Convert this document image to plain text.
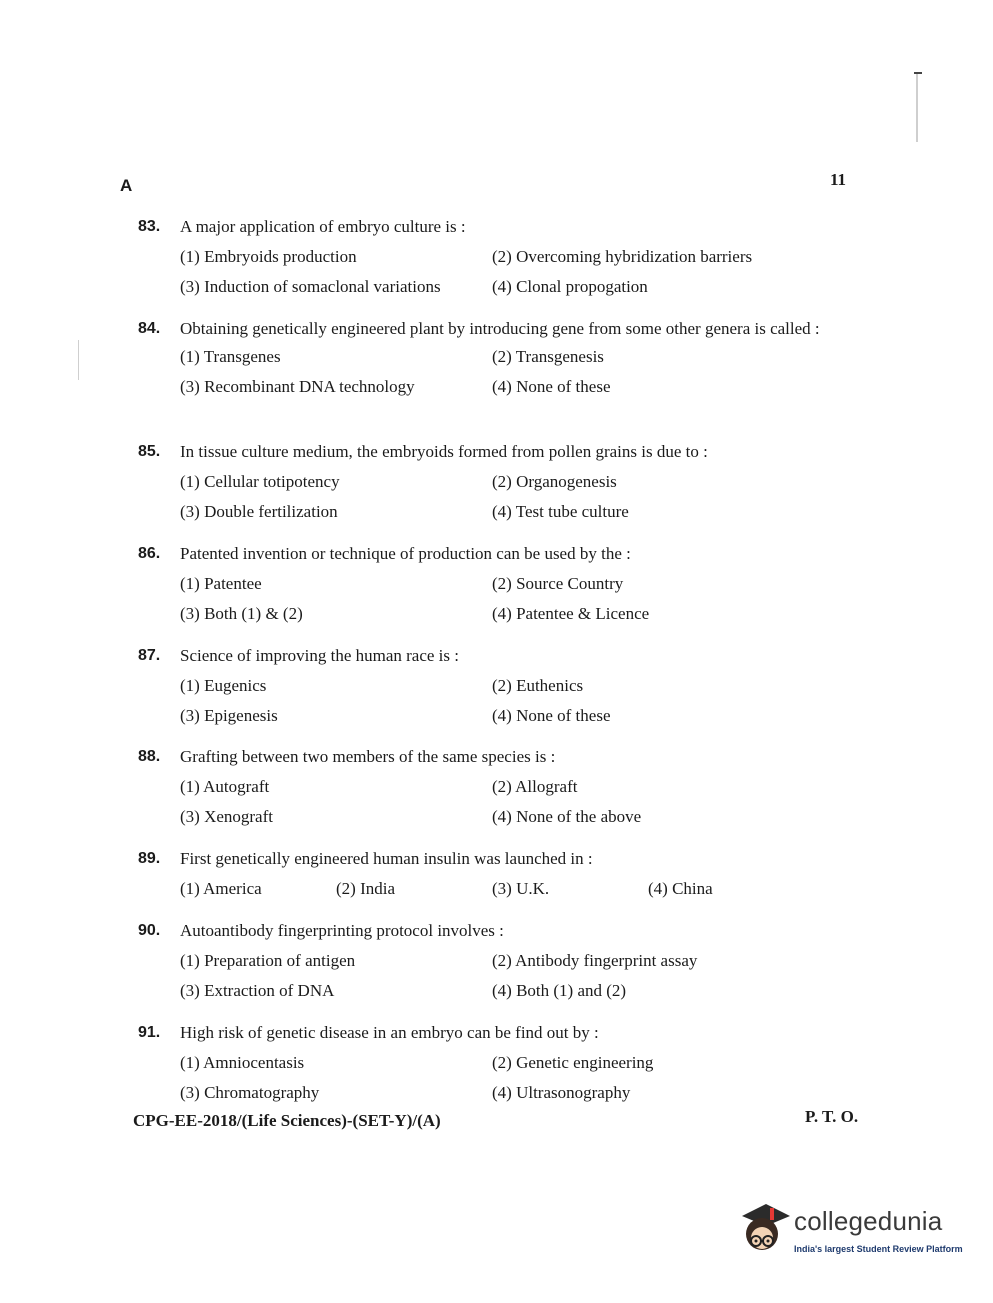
A	11
83. A major application of embryo culture is :
(1) Embryoids production	(2) Overcoming hybridization barriers
(3) Induction of somaclonal variations	(4) Clonal propogation
84. Obtaining genetically engineered plant by introducing gene from some other genera is called :
(1) Transgenes	(2) Transgenesis
(3) Recombinant DNA technology	(4) None of these
85. In tissue culture medium, the embryoids formed from pollen grains is due to :
(1) Cellular totipotency	(2) Organogenesis
(3) Double fertilization	(4) Test tube culture
86. Patented invention or technique of production can be used by the :
(1) Patentee	(2) Source Country
(3) Both (1) & (2)	(4) Patentee & Licence
87. Science of improving the human race is :
(1) Eugenics	(2) Euthenics
(3) Epigenesis	(4) None of these
88. Grafting between two members of the same species is :
(1) Autograft	(2) Allograft
(3) Xenograft	(4) None of the above
89. First genetically engineered human insulin was launched in :
(1) America	(2) India	(3) U.K.	(4) China
90. Autoantibody fingerprinting protocol involves :
(1) Preparation of antigen	(2) Antibody fingerprint assay
(3) Extraction of DNA	(4) Both (1) and (2)
91. High risk of genetic disease in an embryo can be find out by :
(1) Amniocentasis	(2) Genetic engineering
(3) Chromatography	(4) Ultrasonography
CPG-EE-2018/(Life Sciences)-(SET-Y)/(A)	P. T. O.
collegedunia
India's largest Student Review Platform
